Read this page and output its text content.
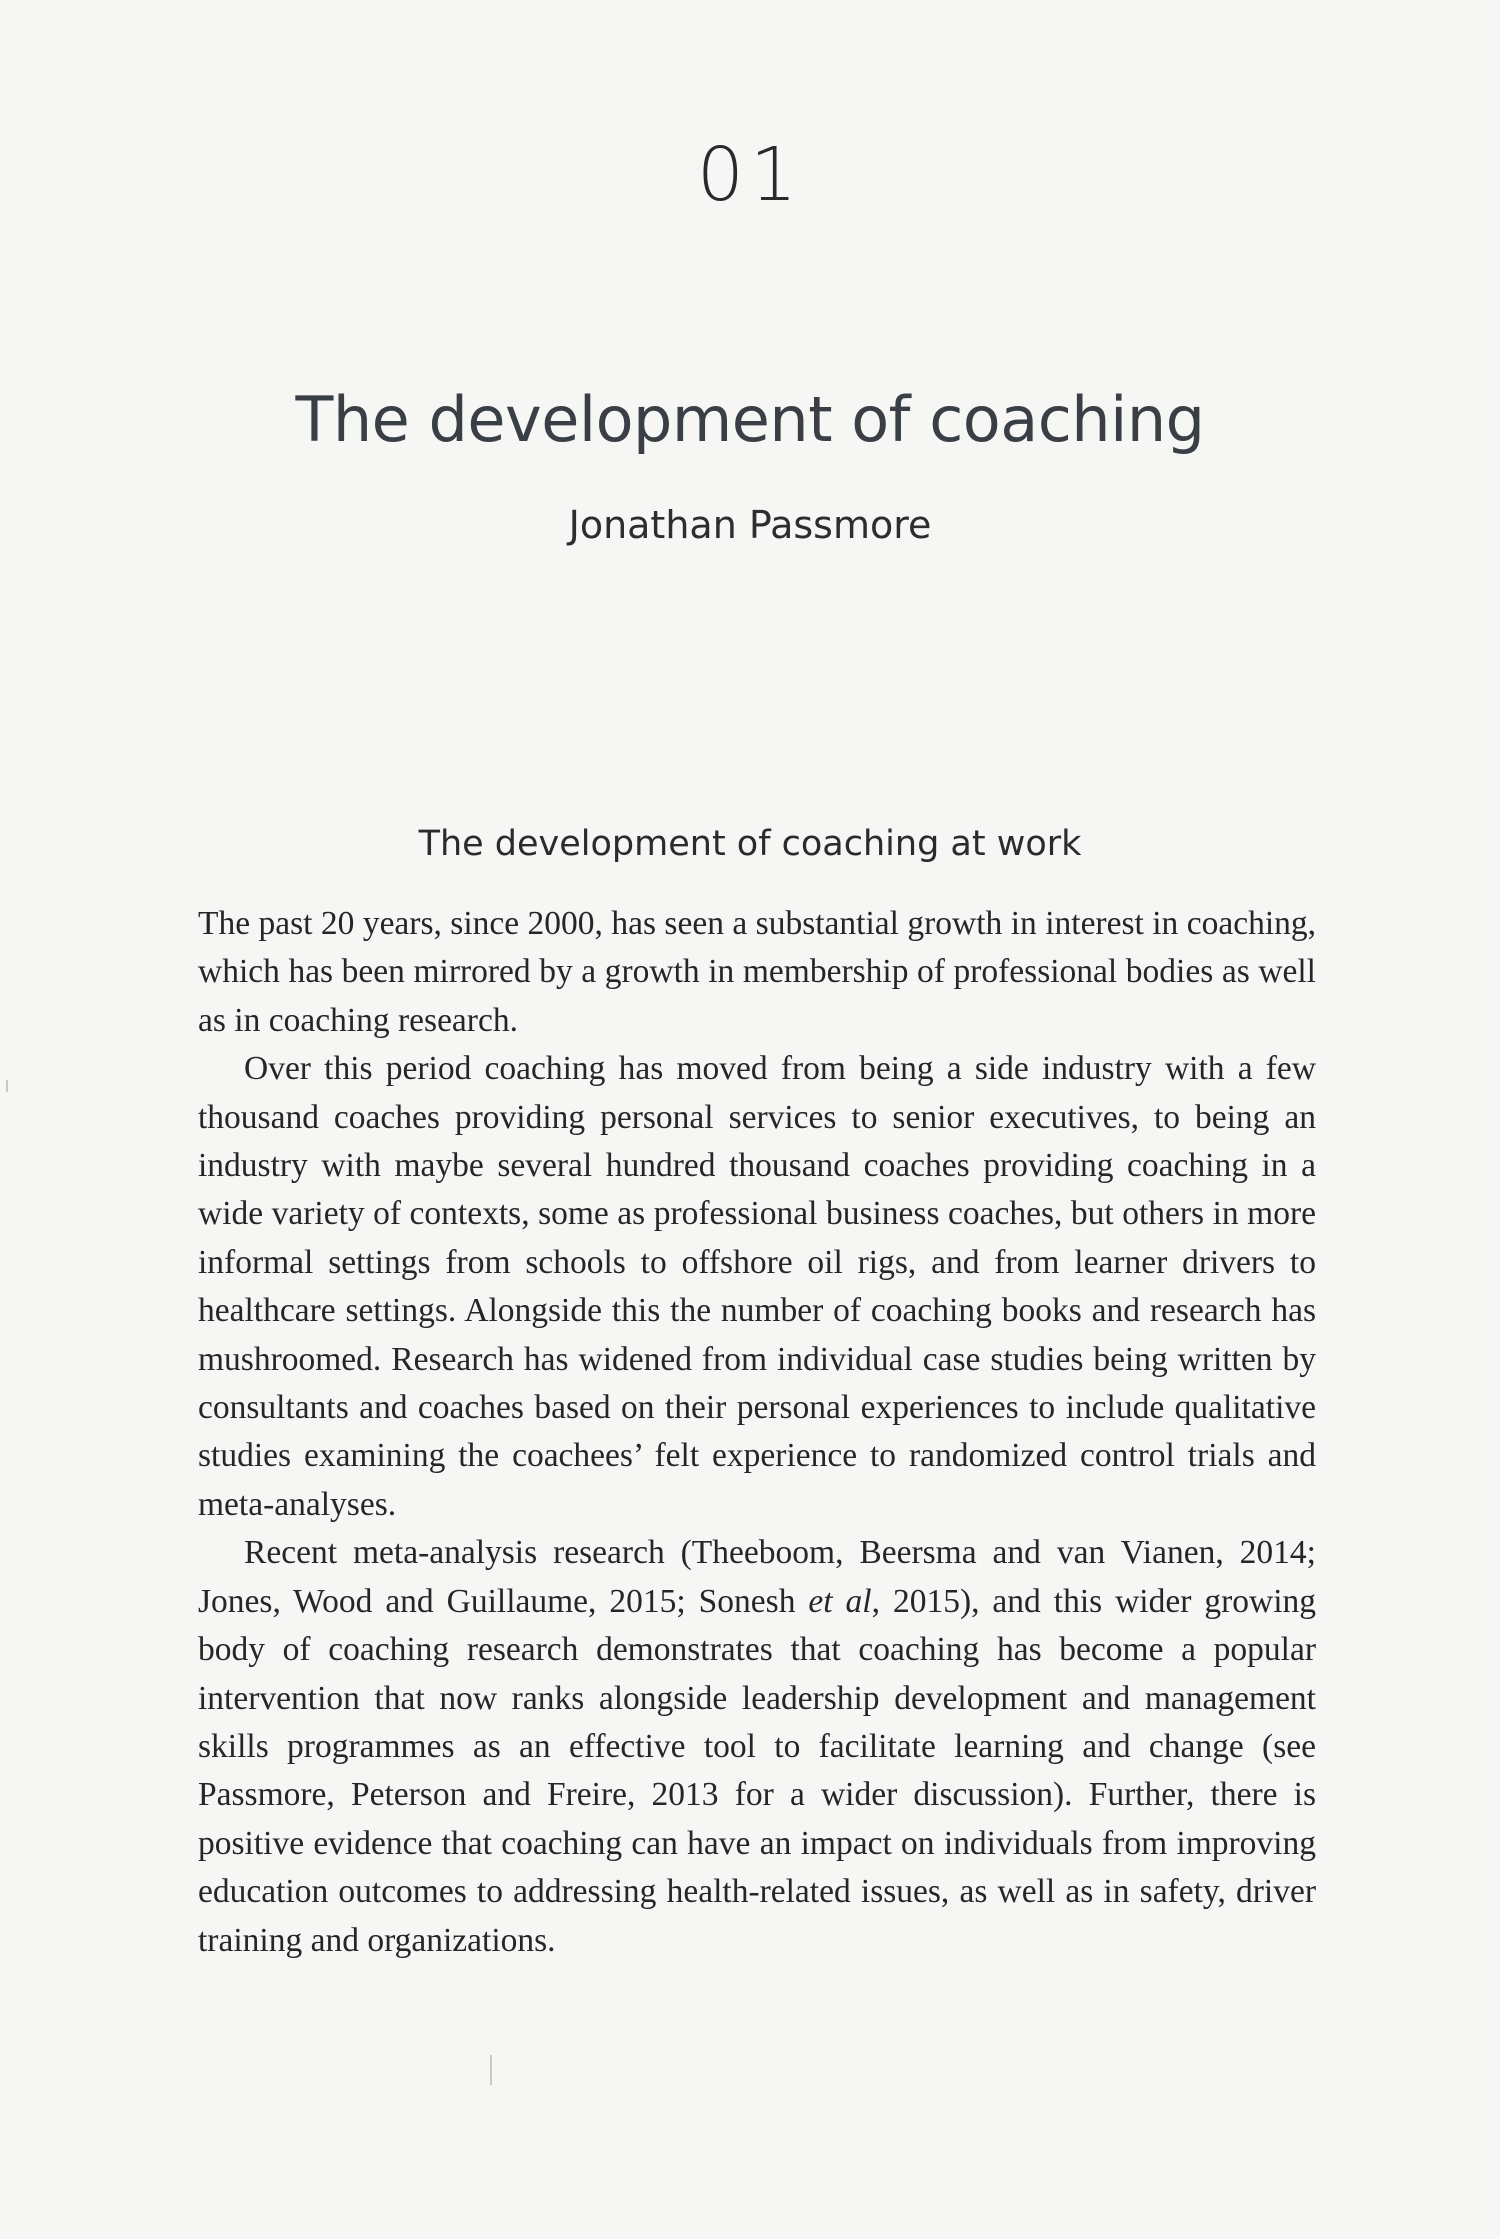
01
The development of coaching
Jonathan Passmore
The development of coaching at work

The past 20 years, since 2000, has seen a substantial growth in interest in coaching, which has been mirrored by a growth in membership of professional bodies as well as in coaching research.

Over this period coaching has moved from being a side industry with a few thousand coaches providing personal services to senior executives, to being an industry with maybe several hundred thousand coaches providing coaching in a wide variety of contexts, some as professional business coaches, but others in more informal settings from schools to offshore oil rigs, and from learner drivers to healthcare settings. Alongside this the number of coaching books and research has mushroomed. Research has widened from individual case studies being written by consultants and coaches based on their personal experiences to include qualitative studies examining the coachees’ felt experience to randomized control trials and meta-analyses.

Recent meta-analysis research (Theeboom, Beersma and van Vianen, 2014; Jones, Wood and Guillaume, 2015; Sonesh et al, 2015), and this wider growing body of coaching research demonstrates that coaching has become a popular intervention that now ranks alongside leadership development and management skills programmes as an effective tool to facilitate learning and change (see Passmore, Peterson and Freire, 2013 for a wider discussion). Further, there is positive evidence that coaching can have an impact on individuals from improving education outcomes to addressing health-related issues, as well as in safety, driver training and organizations.
